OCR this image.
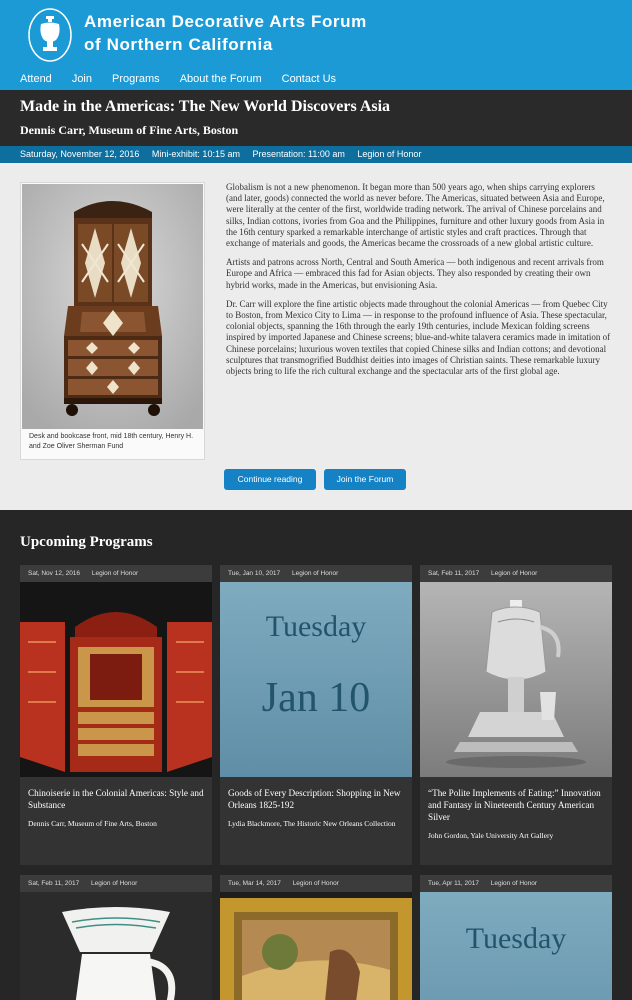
American Decorative Arts Forum
of Northern California
Attend Join Programs About the Forum Contact Us
Made in the Americas: The New World Discovers Asia
Dennis Carr, Museum of Fine Arts, Boston
Saturday, November 12, 2016 Mini-exhibit: 10:15 am Presentation: 11:00 am Legion of Honor
Desk and bookcase front, mid 18th century, Henry H. and Zoe Oliver Sherman Fund

Globalism is not a new phenomenon. It began more than 500 years ago, when ships carrying explorers (and later, goods) connected the world as never before. The Americas, situated between Asia and Europe, were literally at the center of the first, worldwide trading network. The arrival of Chinese porcelains and silks, Indian cottons, ivories from Goa and the Philippines, furniture and other luxury goods from Asia in the 16th century sparked a remarkable interchange of artistic styles and craft practices. Through that exchange of materials and goods, the Americas became the crossroads of a new global artistic culture.

Artists and patrons across North, Central and South America — both indigenous and recent arrivals from Europe and Africa — embraced this fad for Asian objects. They also responded by creating their own hybrid works, made in the Americas, but envisioning Asia.

Dr. Carr will explore the fine artistic objects made throughout the colonial Americas — from Quebec City to Boston, from Mexico City to Lima — in response to the profound influence of Asia. These spectacular, colonial objects, spanning the 16th through the early 19th centuries, include Mexican folding screens inspired by imported Japanese and Chinese screens; blue-and-white talavera ceramics made in imitation of Chinese porcelains; luxurious woven textiles that copied Chinese silks and Indian cottons; and devotional sculptures that transmogrified Buddhist deities into images of Christian saints. These remarkable luxury objects bring to life the rich cultural exchange and the spectacular arts of the first global age.

Continue reading	Join the Forum
Upcoming Programs
Sat, Nov 12, 2016 Legion of Honor
Chinoiserie in the Colonial Americas: Style and Substance
Dennis Carr, Museum of Fine Arts, Boston
Tue, Jan 10, 2017 Legion of Honor
Tuesday
Jan 10
Goods of Every Description: Shopping in New Orleans 1825-192
Lydia Blackmore, The Historic New Orleans Collection
Sat, Feb 11, 2017 Legion of Honor
“The Polite Implements of Eating:” Innovation and Fantasy in Nineteenth Century American Silver
John Gordon, Yale University Art Gallery
Sat, Feb 11, 2017 Legion of Honor	Tue, Mar 14, 2017 Legion of Honor	Tue, Apr 11, 2017 Legion of Honor
Tuesday
